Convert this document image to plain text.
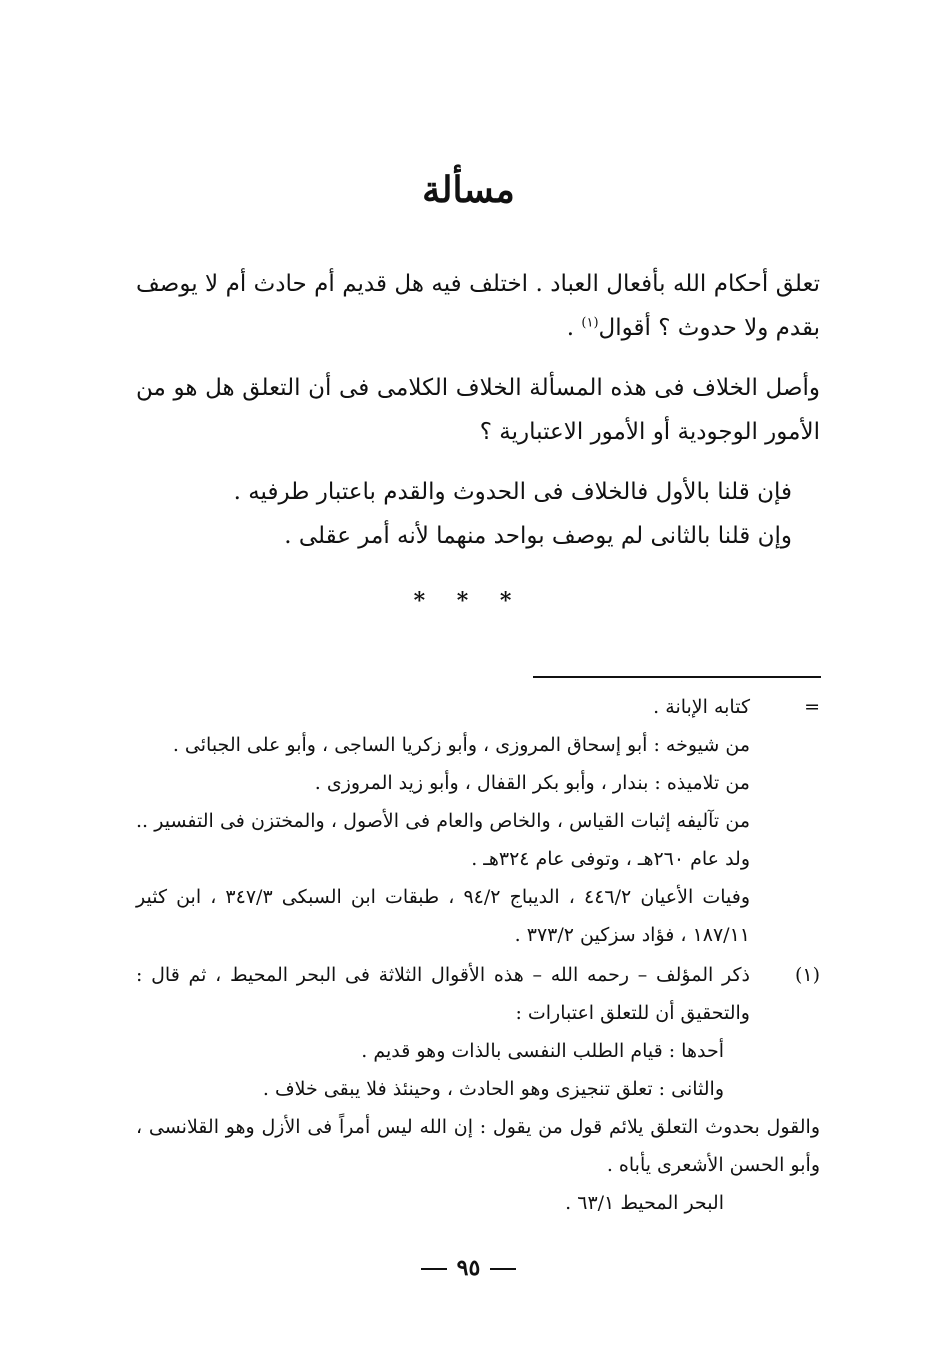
مسألة

تعلق أحكام الله بأفعال العباد . اختلف فيه هل قديم أم حادث أم لا يوصف بقدم ولا حدوث ؟ أقوال$^{(١)}$ .

وأصل الخلاف فى هذه المسألة الخلاف الكلامى فى أن التعلق هل هو من الأمور الوجودية أو الأمور الاعتبارية ؟

فإن قلنا بالأول فالخلاف فى الحدوث والقدم باعتبار طرفيه .
وإن قلنا بالثانى لم يوصف بواحد منهما لأنه أمر عقلى .
* * *
=
كتابه الإبانة .
من شيوخه : أبو إسحاق المروزى ، وأبو زكريا الساجى ، وأبو على الجبائى .
من تلاميذه : بندار ، وأبو بكر القفال ، وأبو زيد المروزى .
من تآليفه إثبات القياس ، والخاص والعام فى الأصول ، والمختزن فى التفسير .. ولد عام ٢٦٠هـ ، وتوفى عام ٣٢٤هـ .
وفيات الأعيان ٤٤٦/٢ ، الديباج ٩٤/٢ ، طبقات ابن السبكى ٣٤٧/٣ ، ابن كثير ١٨٧/١١ ، فؤاد سزكين ٣٧٣/٢ .
(١)
ذكر المؤلف – رحمه الله – هذه الأقوال الثلاثة فى البحر المحيط ، ثم قال : والتحقيق أن للتعلق اعتبارات :
أحدها : قيام الطلب النفسى بالذات وهو قديم .
والثانى : تعلق تنجيزى وهو الحادث ، وحينئذ فلا يبقى خلاف .
والقول بحدوث التعلق يلائم قول من يقول : إن الله ليس أمراً فى الأزل وهو القلانسى ، وأبو الحسن الأشعرى يأباه .
البحر المحيط ٦٣/١ .
٩٥
